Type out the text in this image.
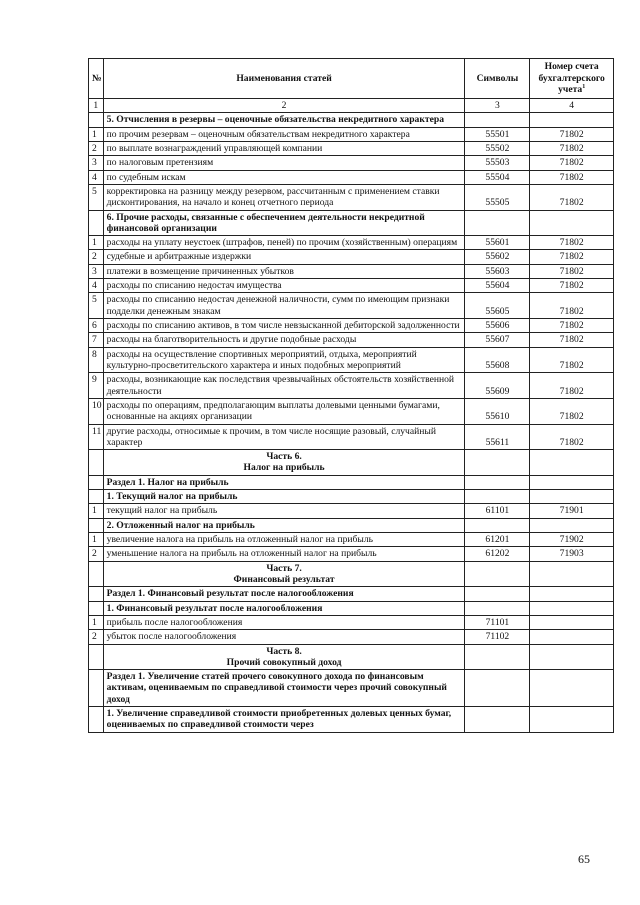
№	Наименования статей	Символы	Номер счета
бухгалтерского
учета$^1$
1	2	3	4
	5. Отчисления в резервы – оценочные обязательства некредитного характера		
1	по прочим резервам – оценочным обязательствам некредитного характера	55501	71802
2	по выплате вознаграждений управляющей компании	55502	71802
3	по налоговым претензиям	55503	71802
4	по судебным искам	55504	71802
5	корректировка на разницу между резервом, рассчитанным с применением ставки дисконтирования, на начало и конец отчетного периода	55505	71802
	6. Прочие расходы, связанные с обеспечением деятельности некредитной финансовой организации		
1	расходы на уплату неустоек (штрафов, пеней) по прочим (хозяйственным) операциям	55601	71802
2	судебные и арбитражные издержки	55602	71802
3	платежи в возмещение причиненных убытков	55603	71802
4	расходы по списанию недостач имущества	55604	71802
5	расходы по списанию недостач денежной наличности, сумм по имеющим признаки подделки денежным знакам	55605	71802
6	расходы по списанию активов, в том числе невзысканной дебиторской задолженности	55606	71802
7	расходы на благотворительность и другие подобные расходы	55607	71802
8	расходы на осуществление спортивных мероприятий, отдыха, мероприятий культурно-просветительского характера и иных подобных мероприятий	55608	71802
9	расходы, возникающие как последствия чрезвычайных обстоятельств хозяйственной деятельности	55609	71802
10	расходы по операциям, предполагающим выплаты долевыми ценными бумагами, основанные на акциях организации	55610	71802
11	другие расходы, относимые к прочим, в том числе носящие разовый, случайный характер	55611	71802
	Часть 6.
Налог на прибыль		
	Раздел 1. Налог на прибыль		
	1. Текущий налог на прибыль		
1	текущий налог на прибыль	61101	71901
	2. Отложенный налог на прибыль		
1	увеличение налога на прибыль на отложенный налог на прибыль	61201	71902
2	уменьшение налога на прибыль на отложенный налог на прибыль	61202	71903
	Часть 7.
Финансовый результат		
	Раздел 1. Финансовый результат после налогообложения		
	1. Финансовый результат после налогообложения		
1	прибыль после налогообложения	71101	
2	убыток после налогообложения	71102	
	Часть 8.
Прочий совокупный доход		
	Раздел 1. Увеличение статей прочего совокупного дохода по финансовым активам, оцениваемым по справедливой стоимости через прочий совокупный доход		
	1. Увеличение справедливой стоимости приобретенных долевых ценных бумаг, оцениваемых по справедливой стоимости через		
65
